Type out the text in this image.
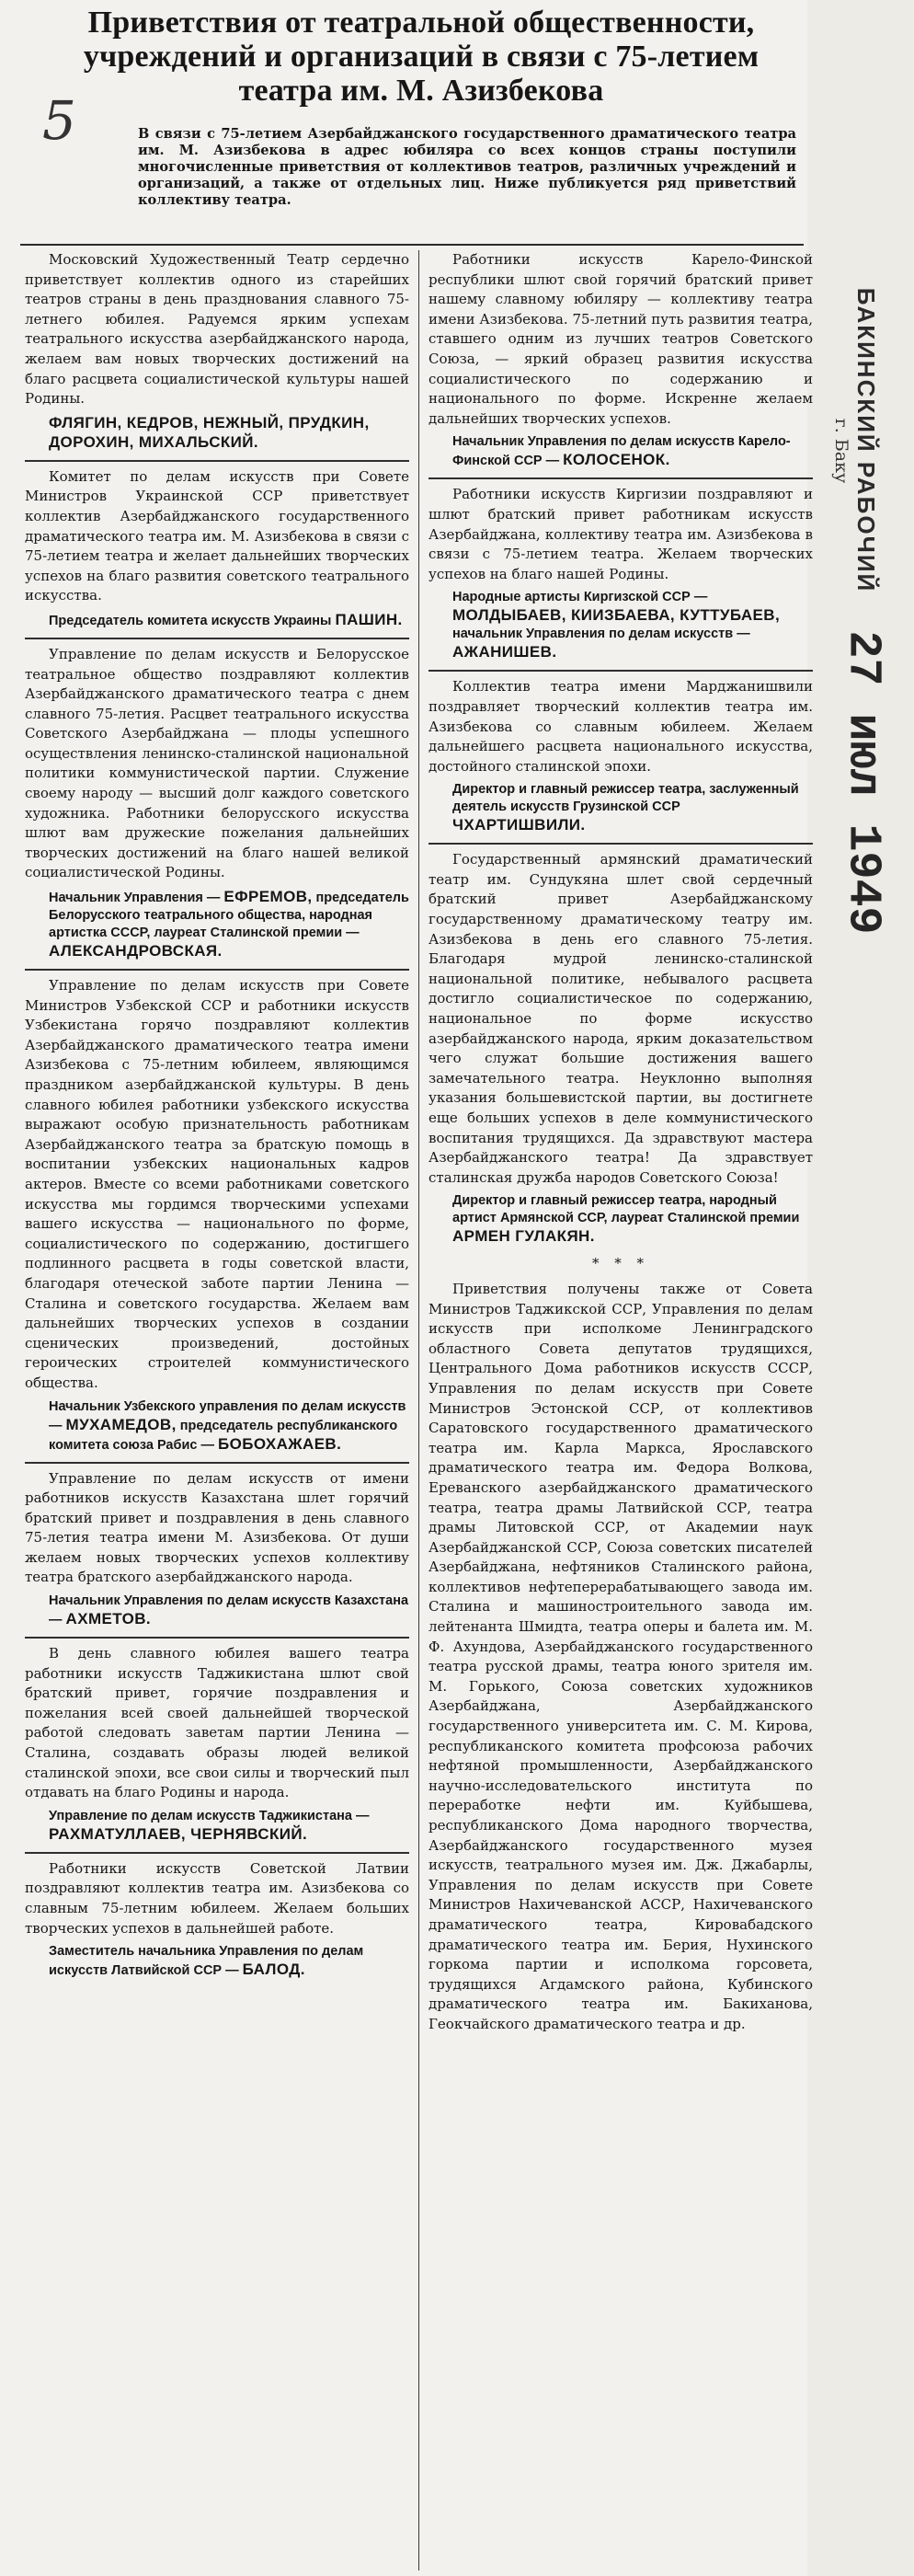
Приветствия от театральной общественности, учреждений и организаций в связи с 75-летием театра им. М. Азизбекова
5	В связи с 75-летием Азербайджанского государственного драматического театра им. М. Азизбекова в адрес юбиляра со всех концов страны поступили многочисленные приветствия от коллективов театров, различных учреждений и организаций, а также от отдельных лиц. Ниже публикуется ряд приветствий коллективу театра.

Московский Художественный Театр сердечно приветствует коллектив одного из старейших театров страны в день празднования славного 75-летнего юбилея. Радуемся ярким успехам театрального искусства азербайджанского народа, желаем вам новых творческих достижений на благо расцвета социалистической культуры нашей Родины.

ФЛЯГИН, КЕДРОВ, НЕЖНЫЙ, ПРУДКИН, ДОРОХИН, МИХАЛЬСКИЙ.

Комитет по делам искусств при Совете Министров Украинской ССР приветствует коллектив Азербайджанского государственного драматического театра им. М. Азизбекова в связи с 75-летием театра и желает дальнейших творческих успехов на благо развития советского театрального искусства.

Председатель комитета искусств Украины ПАШИН.

Управление по делам искусств и Белорусское театральное общество поздравляют коллектив Азербайджанского драматического театра с днем славного 75-летия. Расцвет театрального искусства Советского Азербайджана — плоды успешного осуществления ленинско-сталинской национальной политики коммунистической партии. Служение своему народу — высший долг каждого советского художника. Работники белорусского искусства шлют вам дружеские пожелания дальнейших творческих достижений на благо нашей великой социалистической Родины.

Начальник Управления — ЕФРЕМОВ, председатель Белорусского театрального общества, народная артистка СССР, лауреат Сталинской премии — АЛЕКСАНДРОВСКАЯ.

Управление по делам искусств при Совете Министров Узбекской ССР и работники искусств Узбекистана горячо поздравляют коллектив Азербайджанского драматического театра имени Азизбекова с 75-летним юбилеем, являющимся праздником азербайджанской культуры. В день славного юбилея работники узбекского искусства выражают особую признательность работникам Азербайджанского театра за братскую помощь в воспитании узбекских национальных кадров актеров. Вместе со всеми работниками советского искусства мы гордимся творческими успехами вашего искусства — национального по форме, социалистического по содержанию, достигшего подлинного расцвета в годы советской власти, благодаря отеческой заботе партии Ленина — Сталина и советского государства. Желаем вам дальнейших творческих успехов в создании сценических произведений, достойных героических строителей коммунистического общества.

Начальник Узбекского управления по делам искусств — МУХАМЕДОВ, председатель республиканского комитета союза Рабис — БОБОХАЖАЕВ.

Управление по делам искусств от имени работников искусств Казахстана шлет горячий братский привет и поздравления в день славного 75-летия театра имени М. Азизбекова. От души желаем новых творческих успехов коллективу театра братского азербайджанского народа.

Начальник Управления по делам искусств Казахстана — АХМЕТОВ.

В день славного юбилея вашего театра работники искусств Таджикистана шлют свой братский привет, горячие поздравления и пожелания всей своей дальнейшей творческой работой следовать заветам партии Ленина — Сталина, создавать образы людей великой сталинской эпохи, все свои силы и творческий пыл отдавать на благо Родины и народа.

Управление по делам искусств Таджикистана — РАХМАТУЛЛАЕВ, ЧЕРНЯВСКИЙ.

Работники искусств Советской Латвии поздравляют коллектив театра им. Азизбекова со славным 75-летним юбилеем. Желаем больших творческих успехов в дальнейшей работе.

Заместитель начальника Управления по делам искусств Латвийской ССР — БАЛОД.

Работники искусств Карело-Финской республики шлют свой горячий братский привет нашему славному юбиляру — коллективу театра имени Азизбекова. 75-летний путь развития театра, ставшего одним из лучших театров Советского Союза, — яркий образец развития искусства социалистического по содержанию и национального по форме. Искренне желаем дальнейших творческих успехов.

Начальник Управления по делам искусств Карело-Финской ССР — КОЛОСЕНОК.

Работники искусств Киргизии поздравляют и шлют братский привет работникам искусств Азербайджана, коллективу театра им. Азизбекова в связи с 75-летием театра. Желаем творческих успехов на благо нашей Родины.

Народные артисты Киргизской ССР — МОЛДЫБАЕВ, КИИЗБАЕВА, КУТТУБАЕВ, начальник Управления по делам искусств — АЖАНИШЕВ.

Коллектив театра имени Марджанишвили поздравляет творческий коллектив театра им. Азизбекова со славным юбилеем. Желаем дальнейшего расцвета национального искусства, достойного сталинской эпохи.

Директор и главный режиссер театра, заслуженный деятель искусств Грузинской ССР ЧХАРТИШВИЛИ.

Государственный армянский драматический театр им. Сундукяна шлет свой сердечный братский привет Азербайджанскому государственному драматическому театру им. Азизбекова в день его славного 75-летия. Благодаря мудрой ленинско-сталинской национальной политике, небывалого расцвета достигло социалистическое по содержанию, национальное по форме искусство азербайджанского народа, ярким доказательством чего служат большие достижения вашего замечательного театра. Неуклонно выполняя указания большевистской партии, вы достигнете еще больших успехов в деле коммунистического воспитания трудящихся. Да здравствуют мастера Азербайджанского театра! Да здравствует сталинская дружба народов Советского Союза!

Директор и главный режиссер театра, народный артист Армянской ССР, лауреат Сталинской премии АРМЕН ГУЛАКЯН.
* * *

Приветствия получены также от Совета Министров Таджикской ССР, Управления по делам искусств при исполкоме Ленинградского областного Совета депутатов трудящихся, Центрального Дома работников искусств СССР, Управления по делам искусств при Совете Министров Эстонской ССР, от коллективов Саратовского государственного драматического театра им. Карла Маркса, Ярославского драматического театра им. Федора Волкова, Ереванского азербайджанского драматического театра, театра драмы Латвийской ССР, театра драмы Литовской ССР, от Академии наук Азербайджанской ССР, Союза советских писателей Азербайджана, нефтяников Сталинского района, коллективов нефтеперерабатывающего завода им. Сталина и машиностроительного завода им. лейтенанта Шмидта, театра оперы и балета им. М. Ф. Ахундова, Азербайджанского государственного театра русской драмы, театра юного зрителя им. М. Горького, Союза советских художников Азербайджана, Азербайджанского государственного университета им. С. М. Кирова, республиканского комитета профсоюза рабочих нефтяной промышленности, Азербайджанского научно-исследовательского института по переработке нефти им. Куйбышева, республиканского Дома народного творчества, Азербайджанского государственного музея искусств, театрального музея им. Дж. Джабарлы, Управления по делам искусств при Совете Министров Нахичеванской АССР, Нахичеванского драматического театра, Кировабадского драматического театра им. Берия, Нухинского горкома партии и исполкома горсовета, трудящихся Агдамского района, Кубинского драматического театра им. Бакиханова, Геокчайского драматического театра и др.

БАКИНСКИЙ РАБОЧИЙ
г. Баку
27 июл 1949
